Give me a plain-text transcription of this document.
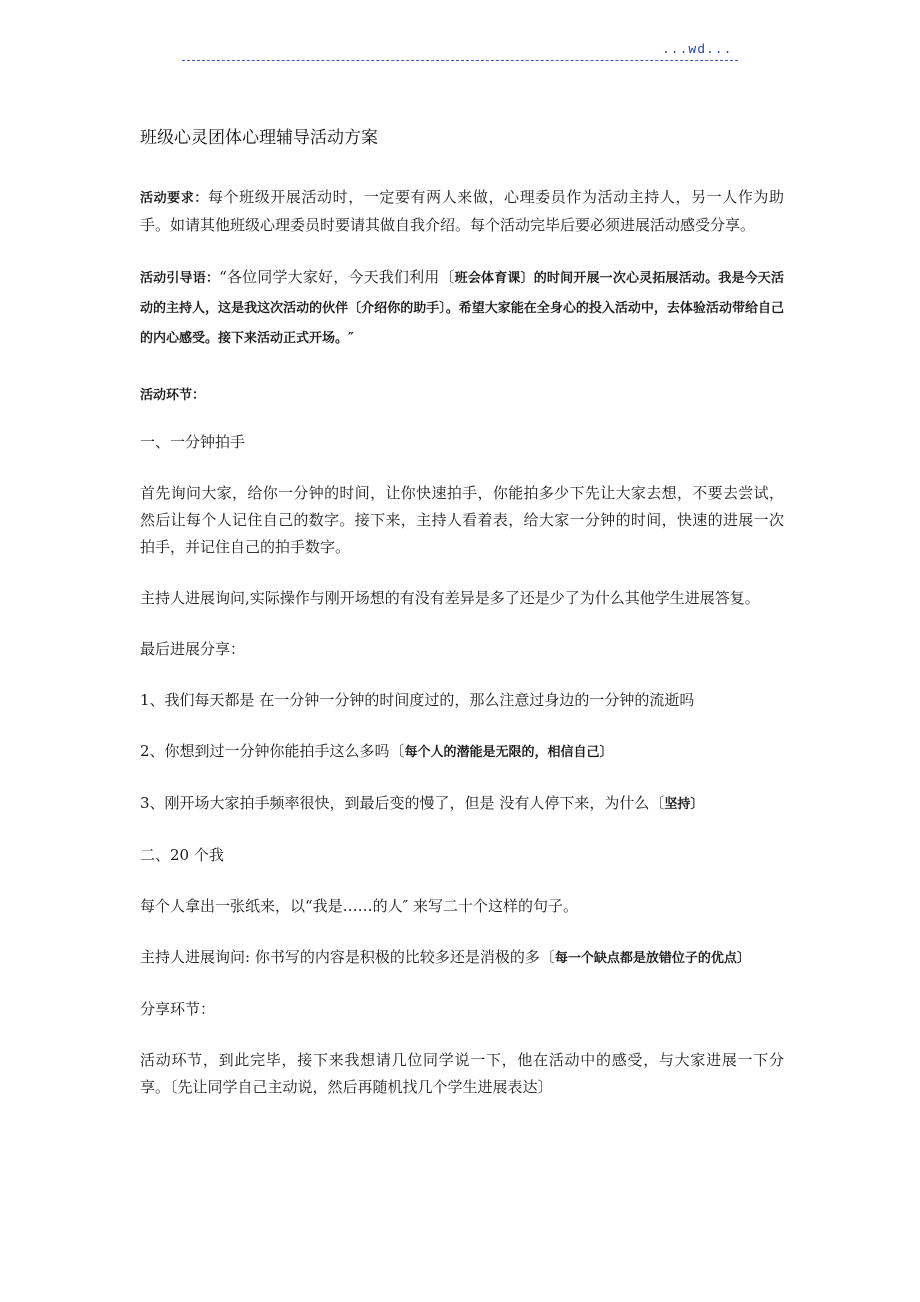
...wd...
班级心灵团体心理辅导活动方案

活动要求：每个班级开展活动时，一定要有两人来做，心理委员作为活动主持人，另一人作为助手。如请其他班级心理委员时要请其做自我介绍。每个活动完毕后要必须进展活动感受分享。

活动引导语：“各位同学大家好，今天我们利用〔班会体育课〕的时间开展一次心灵拓展活动。我是今天活动的主持人，这是我这次活动的伙伴〔介绍你的助手〕。希望大家能在全身心的投入活动中，去体验活动带给自己的内心感受。接下来活动正式开场。″

活动环节：

一、一分钟拍手

首先询问大家，给你一分钟的时间，让你快速拍手，你能拍多少下先让大家去想，不要去尝试，然后让每个人记住自己的数字。接下来，主持人看着表，给大家一分钟的时间，快速的进展一次拍手，并记住自己的拍手数字。

主持人进展询问,实际操作与刚开场想的有没有差异是多了还是少了为什么其他学生进展答复。

最后进展分享：

1、我们每天都是 在一分钟一分钟的时间度过的，那么注意过身边的一分钟的流逝吗

2、你想到过一分钟你能拍手这么多吗〔每个人的潜能是无限的，相信自己〕

3、刚开场大家拍手频率很快，到最后变的慢了，但是 没有人停下来，为什么〔坚持〕

二、20 个我

每个人拿出一张纸来，以“我是……的人″ 来写二十个这样的句子。

主持人进展询问: 你书写的内容是积极的比较多还是消极的多〔每一个缺点都是放错位子的优点〕

分享环节：

活动环节，到此完毕，接下来我想请几位同学说一下，他在活动中的感受，与大家进展一下分享。〔先让同学自己主动说，然后再随机找几个学生进展表达〕
